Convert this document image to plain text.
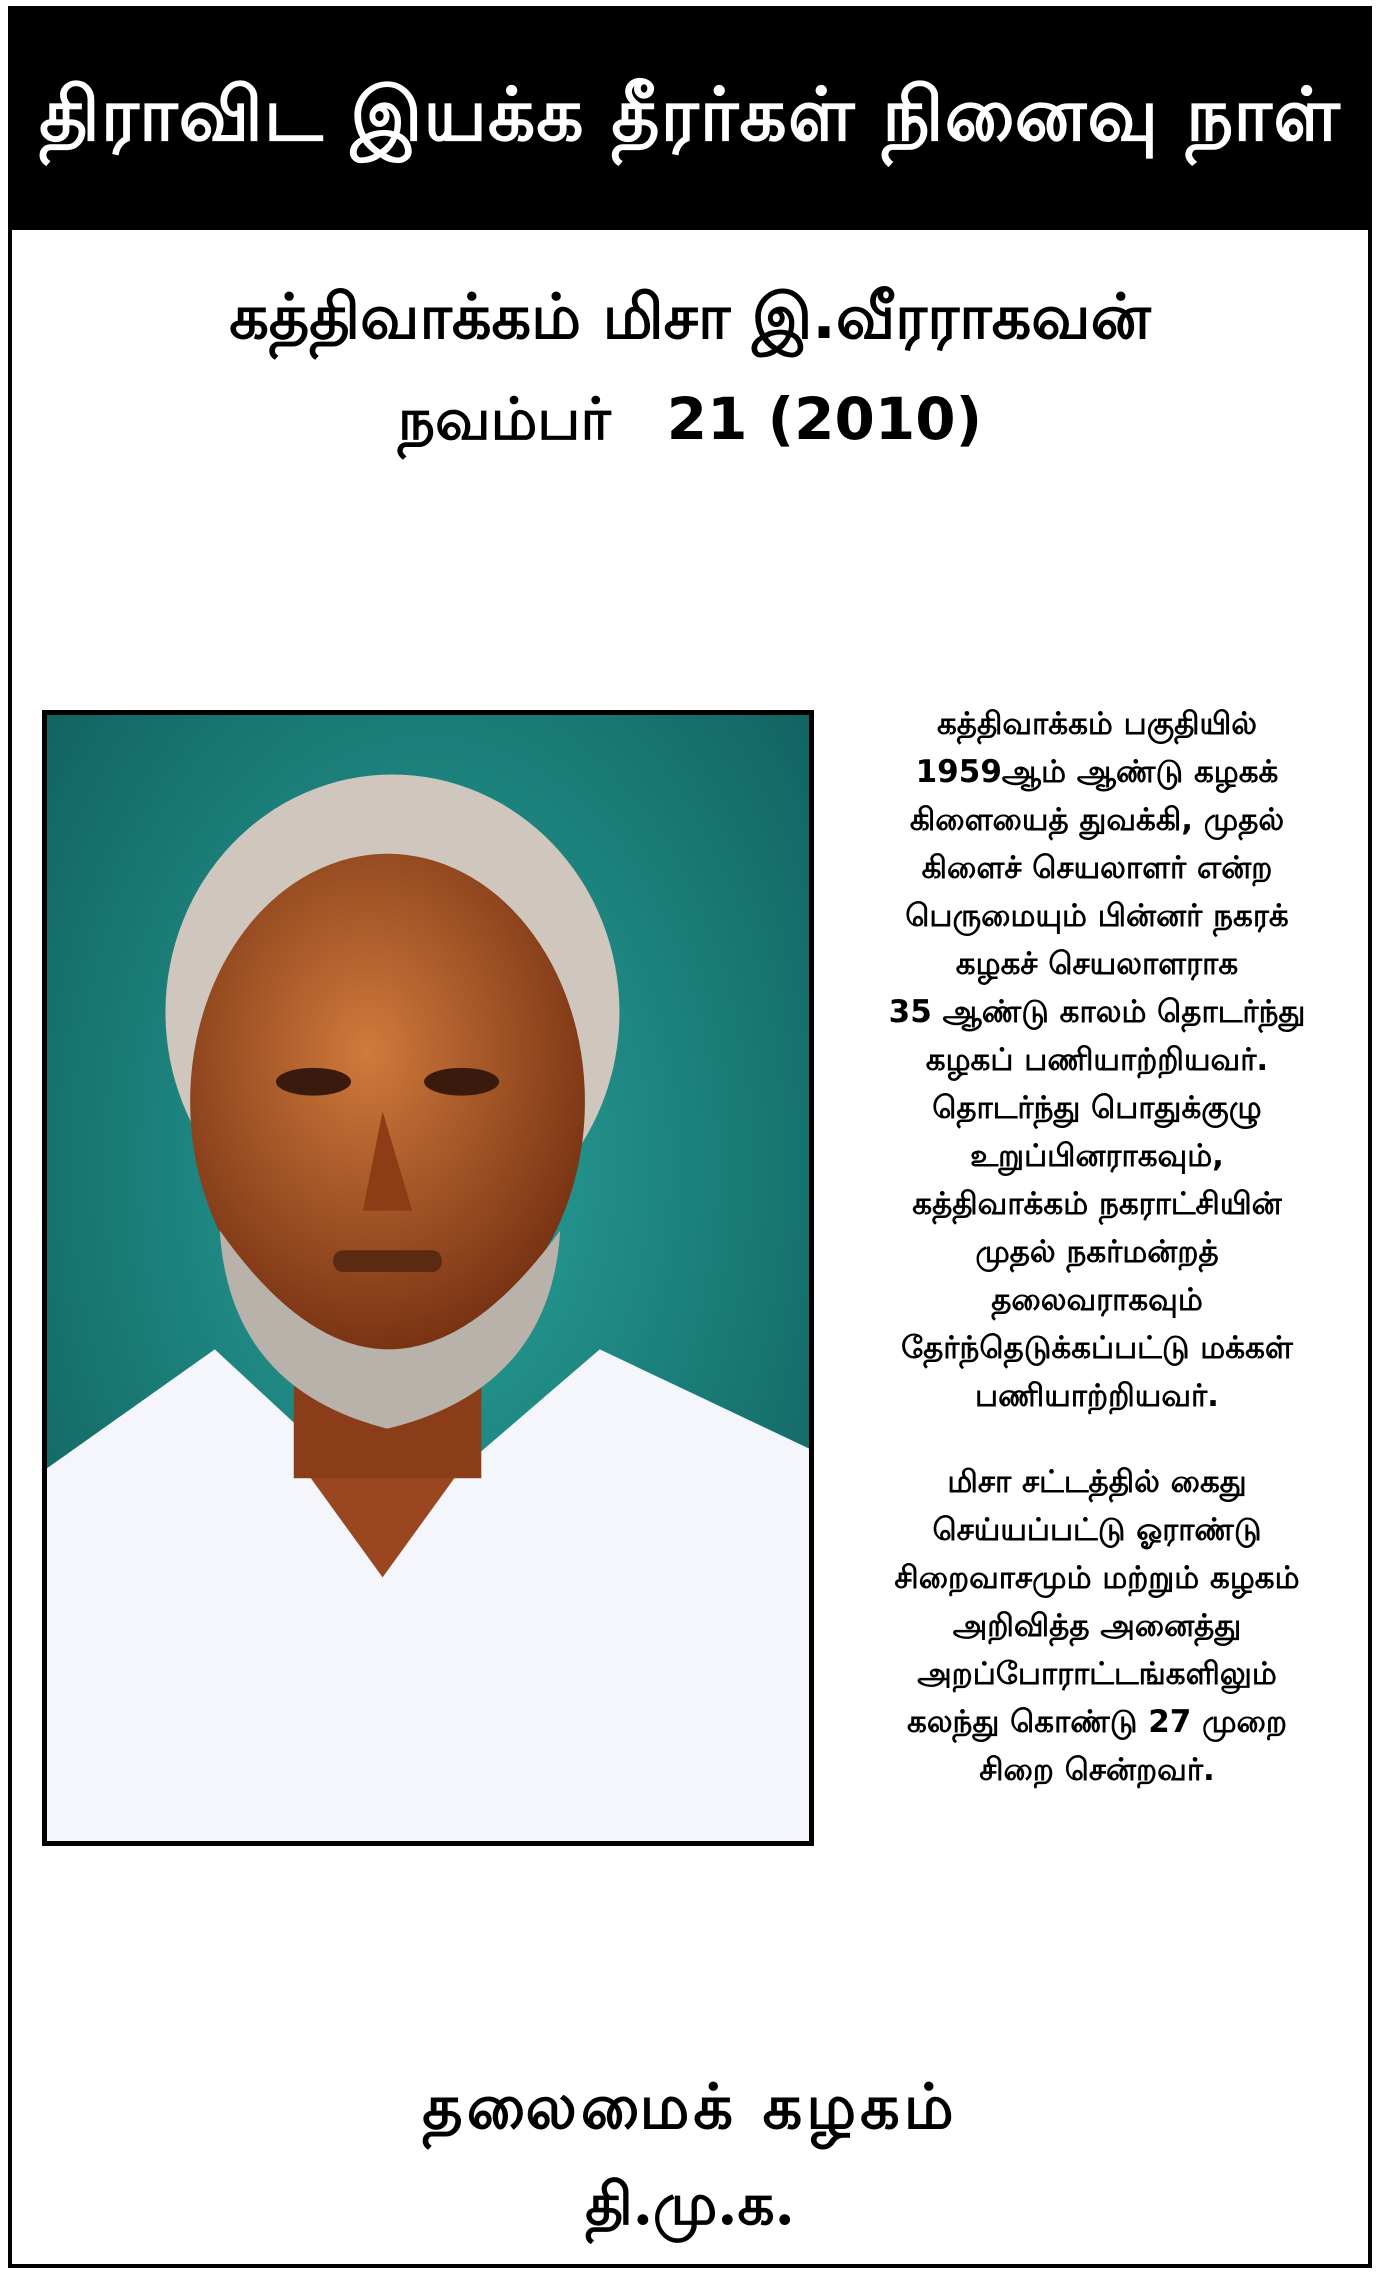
திராவிட இயக்க தீரர்கள் நினைவு நாள்
கத்திவாக்கம் மிசா இ.வீரராகவன்
நவம்பர் 21 (2010)

கத்திவாக்கம் பகுதியில்
1959ஆம் ஆண்டு கழகக்
கிளையைத் துவக்கி, முதல்
கிளைச் செயலாளர் என்ற
பெருமையும் பின்னர் நகரக்
கழகச் செயலாளராக
35 ஆண்டு காலம் தொடர்ந்து
கழகப் பணியாற்றியவர்.
தொடர்ந்து பொதுக்குழு
உறுப்பினராகவும்,
கத்திவாக்கம் நகராட்சியின்
முதல் நகர்மன்றத்
தலைவராகவும்
தேர்ந்தெடுக்கப்பட்டு மக்கள்
பணியாற்றியவர்.

மிசா சட்டத்தில் கைது
செய்யப்பட்டு ஓராண்டு
சிறைவாசமும் மற்றும் கழகம்
அறிவித்த அனைத்து
அறப்போராட்டங்களிலும்
கலந்து கொண்டு 27 முறை
சிறை சென்றவர்.

தலைமைக் கழகம்
தி.மு.க.
